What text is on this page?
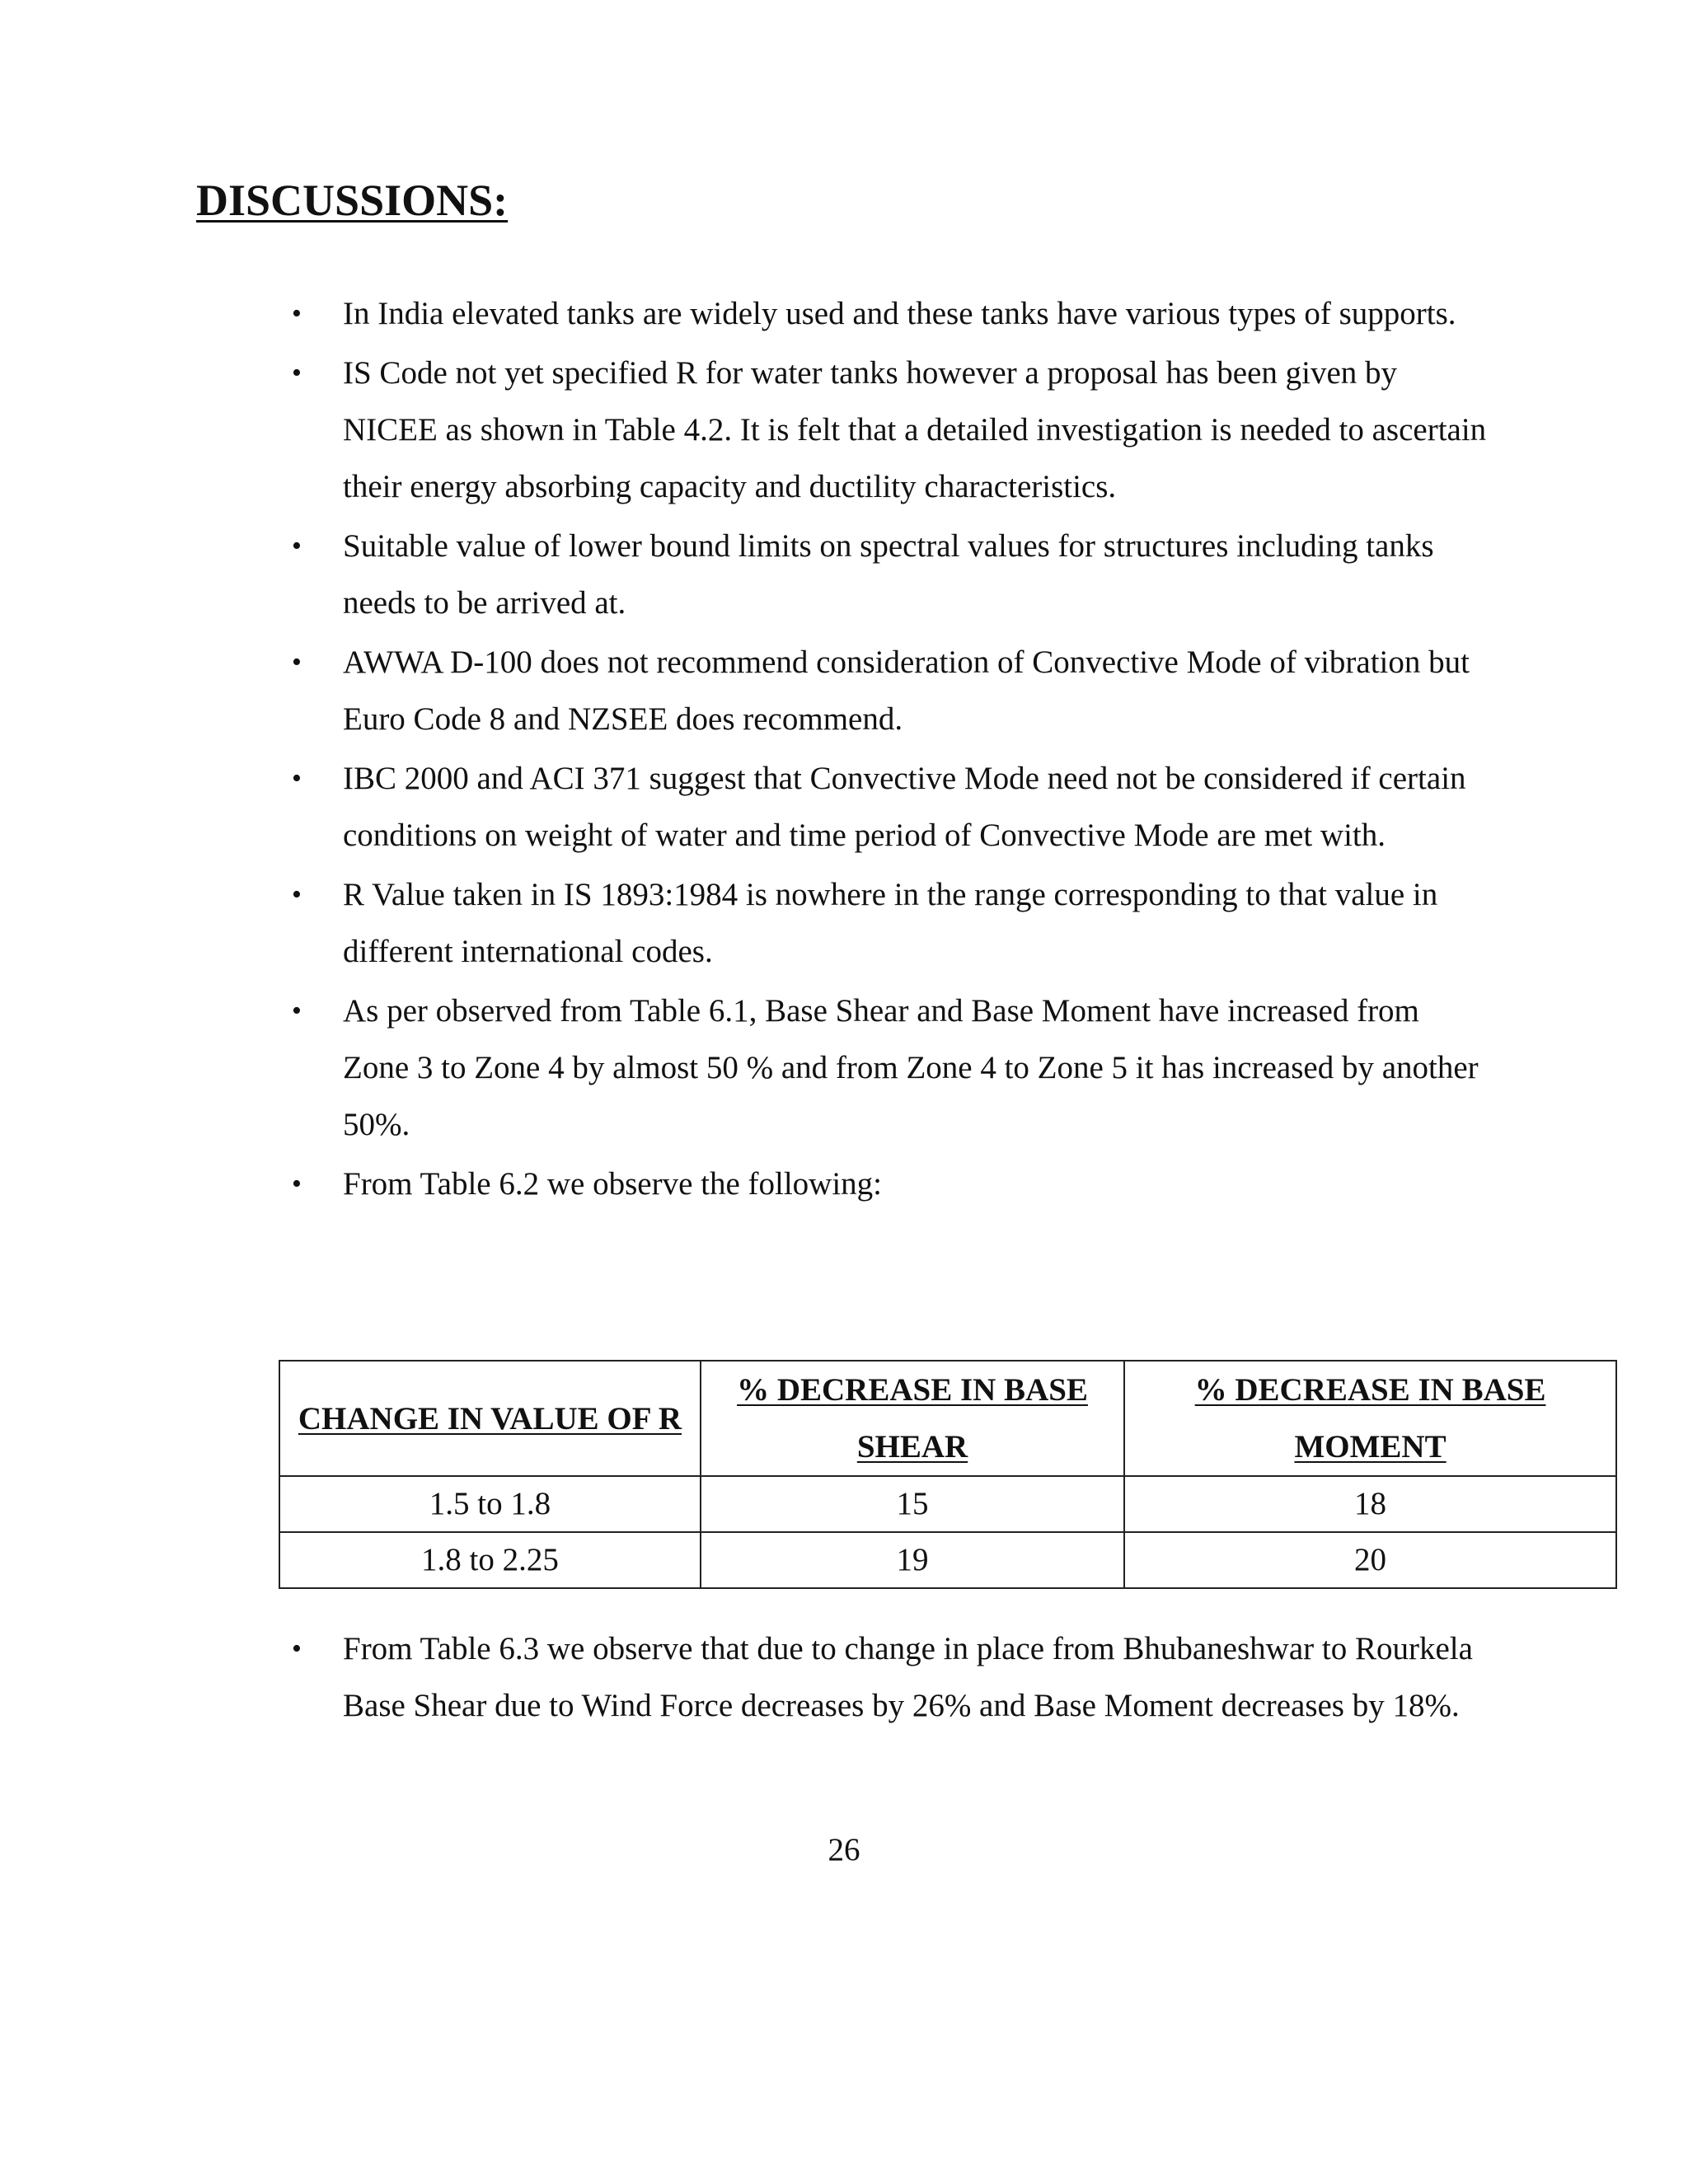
DISCUSSIONS:
• In India elevated tanks are widely used and these tanks have various types of supports.
• IS Code not yet specified R for water tanks however a proposal has been given by NICEE as shown in Table 4.2. It is felt that a detailed investigation is needed to ascertain their energy absorbing capacity and ductility characteristics.
• Suitable value of lower bound limits on spectral values for structures including tanks needs to be arrived at.
• AWWA D-100 does not recommend consideration of Convective Mode of vibration but Euro Code 8 and NZSEE does recommend.
• IBC 2000 and ACI 371 suggest that Convective Mode need not be considered if certain conditions on weight of water and time period of Convective Mode are met with.
• R Value taken in IS 1893:1984 is nowhere in the range corresponding to that value in different international codes.
• As per observed from Table 6.1, Base Shear and Base Moment have increased from Zone 3 to Zone 4 by almost 50 % and from Zone 4 to Zone 5 it has increased by another 50%.
• From Table 6.2 we observe the following:
CHANGE IN VALUE OF R	% DECREASE IN BASE SHEAR	% DECREASE IN BASE MOMENT
1.5 to 1.8	15	18
1.8 to 2.25	19	20
• From Table 6.3 we observe that due to change in place from Bhubaneshwar to Rourkela Base Shear due to Wind Force decreases by 26% and Base Moment decreases by 18%.
26
